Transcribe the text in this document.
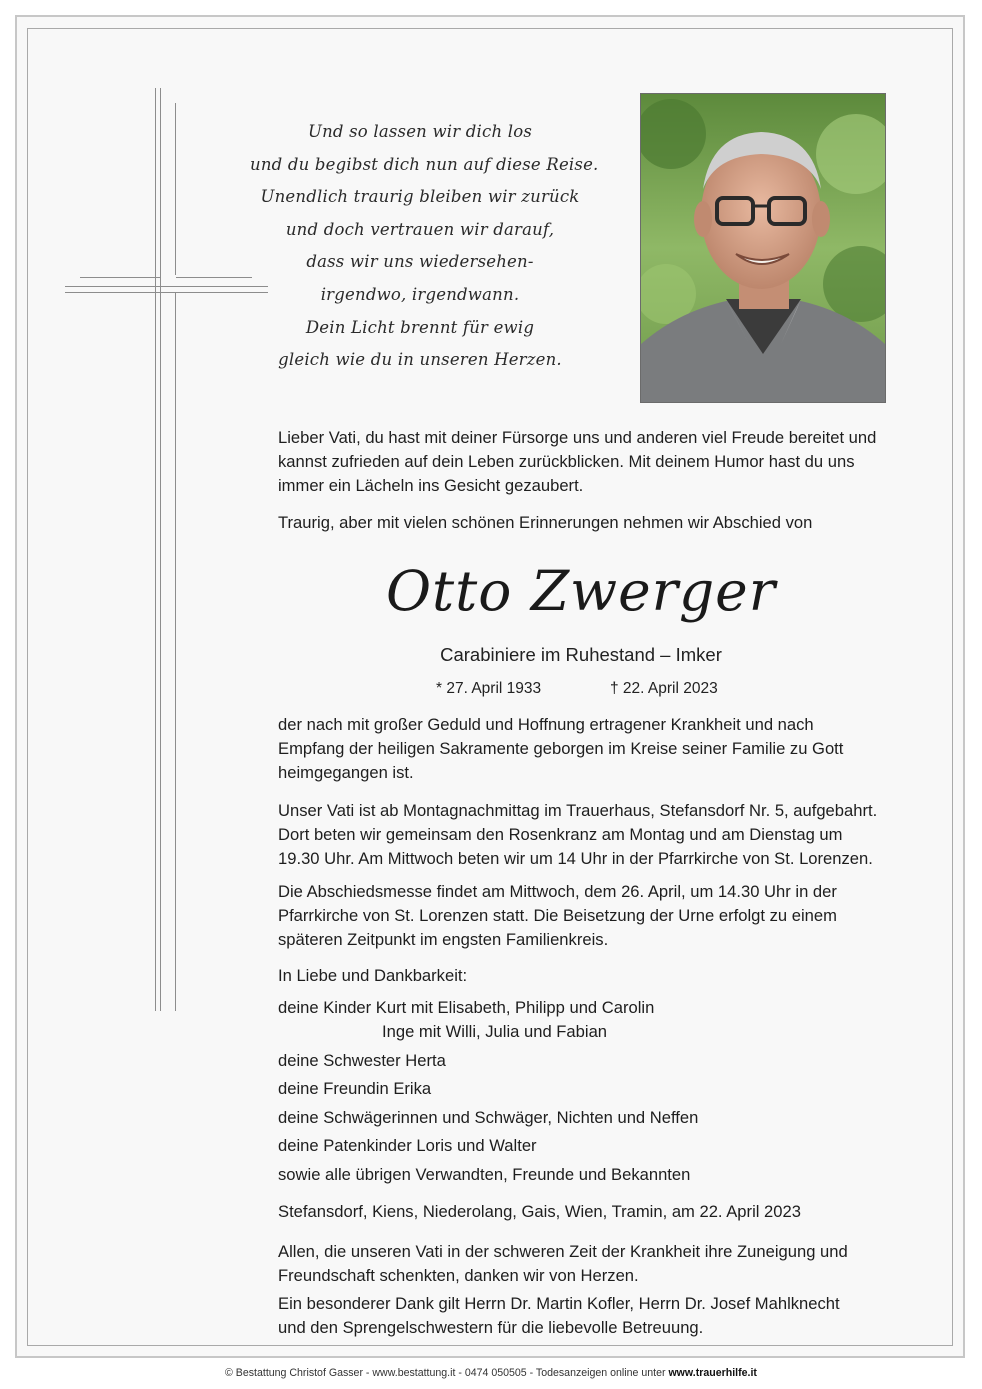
Und so lassen wir dich los
und du begibst dich nun auf diese Reise.
Unendlich traurig bleiben wir zurück
und doch vertrauen wir darauf,
dass wir uns wiedersehen-
irgendwo, irgendwann.
Dein Licht brennt für ewig
gleich wie du in unseren Herzen.
Lieber Vati, du hast mit deiner Fürsorge uns und anderen viel Freude bereitet und
kannst zufrieden auf dein Leben zurückblicken. Mit deinem Humor hast du uns
immer ein Lächeln ins Gesicht gezaubert.
Traurig, aber mit vielen schönen Erinnerungen nehmen wir Abschied von
Otto Zwerger
Carabiniere im Ruhestand – Imker
* 27. April 1933	† 22. April 2023
der nach mit großer Geduld und Hoffnung ertragener Krankheit und nach
Empfang der heiligen Sakramente geborgen im Kreise seiner Familie zu Gott
heimgegangen ist.
Unser Vati ist ab Montagnachmittag im Trauerhaus, Stefansdorf Nr. 5, aufgebahrt.
Dort beten wir gemeinsam den Rosenkranz am Montag und am Dienstag um
19.30 Uhr. Am Mittwoch beten wir um 14 Uhr in der Pfarrkirche von St. Lorenzen.
Die Abschiedsmesse findet am Mittwoch, dem 26. April, um 14.30 Uhr in der
Pfarrkirche von St. Lorenzen statt. Die Beisetzung der Urne erfolgt zu einem
späteren Zeitpunkt im engsten Familienkreis.
In Liebe und Dankbarkeit:
deine Kinder Kurt mit Elisabeth, Philipp und Carolin
Inge mit Willi, Julia und Fabian
deine Schwester Herta
deine Freundin Erika
deine Schwägerinnen und Schwäger, Nichten und Neffen
deine Patenkinder Loris und Walter
sowie alle übrigen Verwandten, Freunde und Bekannten
Stefansdorf, Kiens, Niederolang, Gais, Wien, Tramin, am 22. April 2023
Allen, die unseren Vati in der schweren Zeit der Krankheit ihre Zuneigung und
Freundschaft schenkten, danken wir von Herzen.
Ein besonderer Dank gilt Herrn Dr. Martin Kofler, Herrn Dr. Josef Mahlknecht
und den Sprengelschwestern für die liebevolle Betreuung.
© Bestattung Christof Gasser - www.bestattung.it - 0474 050505 - Todesanzeigen online unter www.trauerhilfe.it
